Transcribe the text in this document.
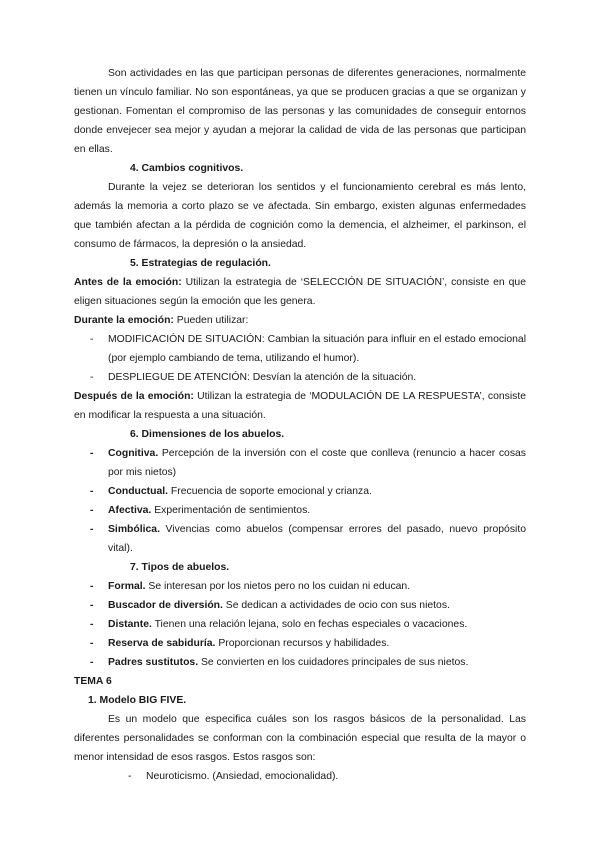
Son actividades en las que participan personas de diferentes generaciones, normalmente tienen un vínculo familiar. No son espontáneas, ya que se producen gracias a que se organizan y gestionan. Fomentan el compromiso de las personas y las comunidades de conseguir entornos donde envejecer sea mejor y ayudan a mejorar la calidad de vida de las personas que participan en ellas.

4. Cambios cognitivos.

Durante la vejez se deterioran los sentidos y el funcionamiento cerebral es más lento, además la memoria a corto plazo se ve afectada. Sin embargo, existen algunas enfermedades que también afectan a la pérdida de cognición como la demencia, el alzheimer, el parkinson, el consumo de fármacos, la depresión o la ansiedad.

5. Estrategias de regulación.

Antes de la emoción: Utilizan la estrategia de ‘SELECCIÓN DE SITUACIÓN’, consiste en que eligen situaciones según la emoción que les genera.

Durante la emoción: Pueden utilizar:

- MODIFICACIÓN DE SITUACIÓN: Cambian la situación para influir en el estado emocional (por ejemplo cambiando de tema, utilizando el humor).
- DESPLIEGUE DE ATENCIÓN: Desvían la atención de la situación.

Después de la emoción: Utilizan la estrategia de ‘MODULACIÓN DE LA RESPUESTA’, consiste en modificar la respuesta a una situación.

6. Dimensiones de los abuelos.
- Cognitiva. Percepción de la inversión con el coste que conlleva (renuncio a hacer cosas por mis nietos)
- Conductual. Frecuencia de soporte emocional y crianza.
- Afectiva. Experimentación de sentimientos.
- Simbólica. Vivencias como abuelos (compensar errores del pasado, nuevo propósito vital).
7. Tipos de abuelos.
- Formal. Se interesan por los nietos pero no los cuidan ni educan.
- Buscador de diversión. Se dedican a actividades de ocio con sus nietos.
- Distante. Tienen una relación lejana, solo en fechas especiales o vacaciones.
- Reserva de sabiduría. Proporcionan recursos y habilidades.
- Padres sustitutos. Se convierten en los cuidadores principales de sus nietos.
TEMA 6
1. Modelo BIG FIVE.

Es un modelo que especifica cuáles son los rasgos básicos de la personalidad. Las diferentes personalidades se conforman con la combinación especial que resulta de la mayor o menor intensidad de esos rasgos. Estos rasgos son:

- Neuroticismo. (Ansiedad, emocionalidad).
